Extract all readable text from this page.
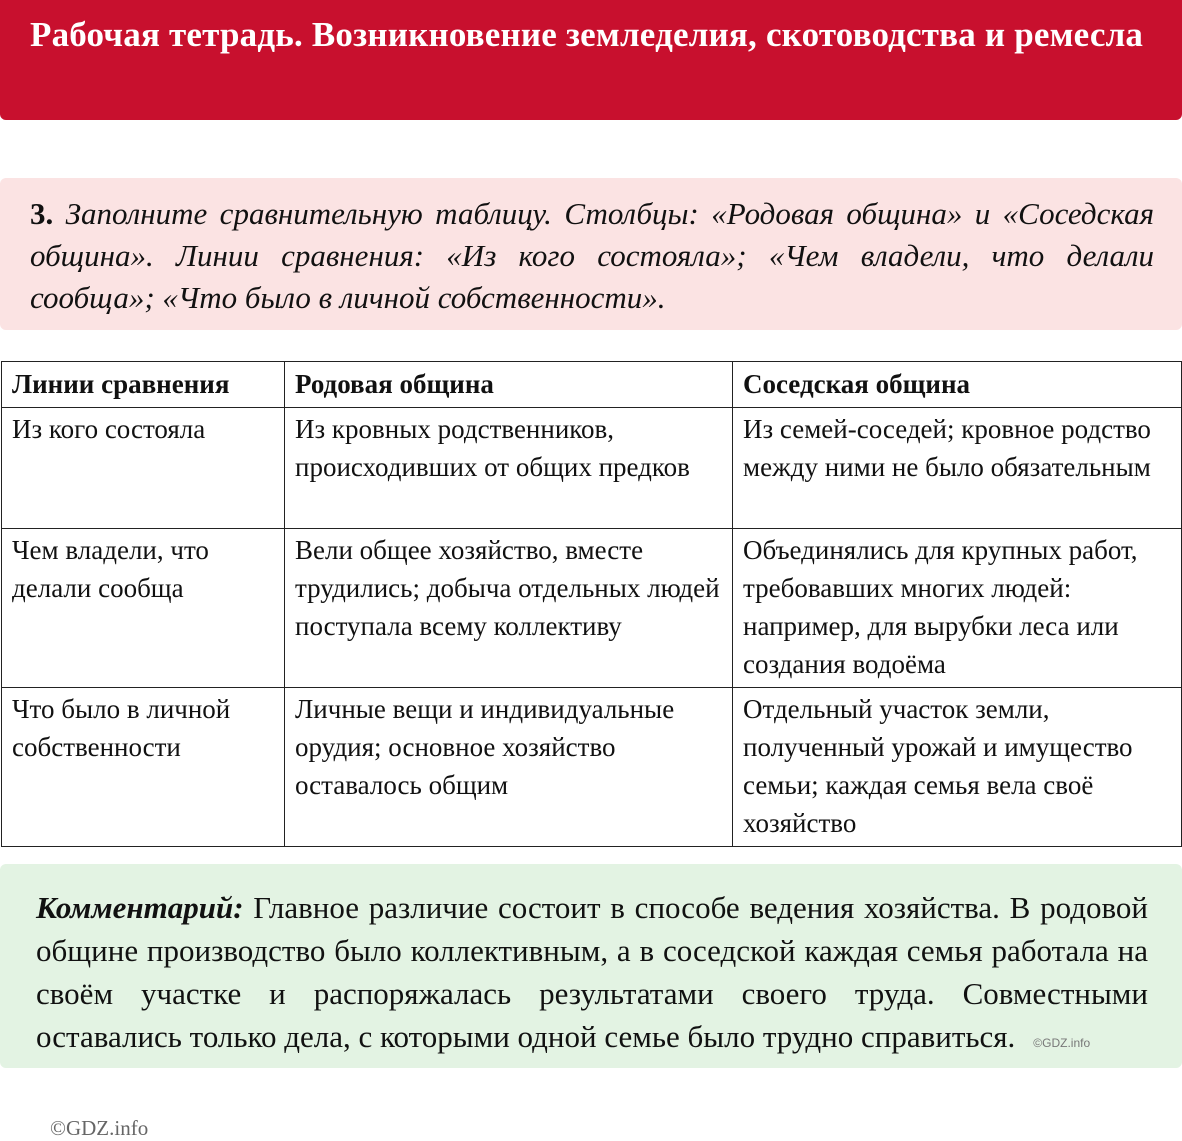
Рабочая тетрадь. Возникновение земледелия, скотоводства и ремесла
3. Заполните сравнительную таблицу. Столбцы: «Родовая община» и «Соседская община». Линии сравнения: «Из кого состояла»; «Чем владели, что делали сообща»; «Что было в личной собственности».
Линии сравнения	Родовая община	Соседская община
Из кого состояла	Из кровных родственников, происходивших от общих предков	Из семей-соседей; кровное родство между ними не было обязательным
Чем владели, что делали сообща	Вели общее хозяйство, вместе трудились; добыча отдельных людей поступала всему коллективу	Объединялись для крупных работ, требовавших многих людей: например, для вырубки леса или создания водоёма
Что было в личной собственности	Личные вещи и индивидуальные орудия; основное хозяйство оставалось общим	Отдельный участок земли, полученный урожай и имущество семьи; каждая семья вела своё хозяйство
Комментарий: Главное различие состоит в способе ведения хозяйства. В родовой общине производство было коллективным, а в соседской каждая семья работала на своём участке и распоряжалась результатами своего труда. Совместными оставались только дела, с которыми одной семье было трудно справиться. ©GDZ.info
©GDZ.info
